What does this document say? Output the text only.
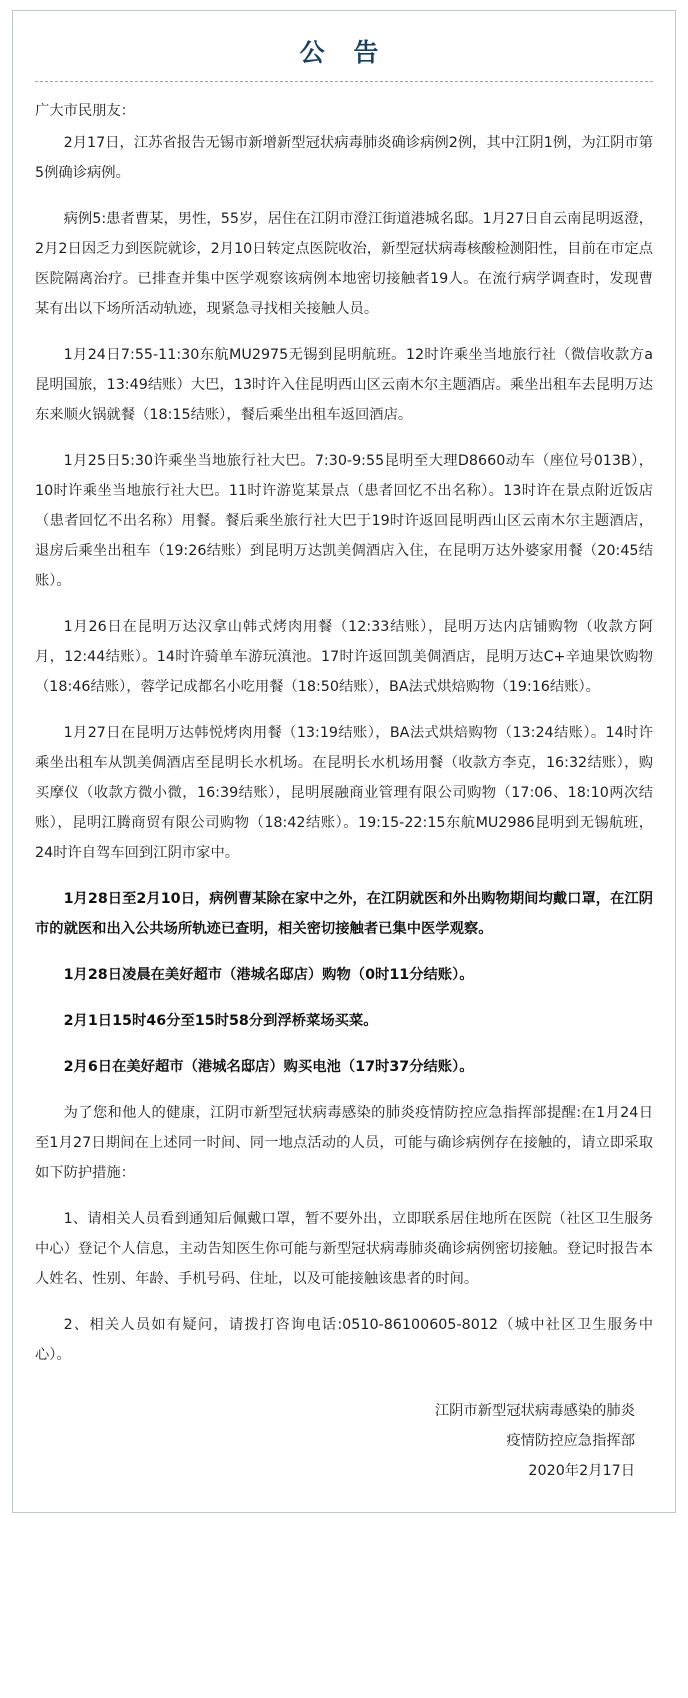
公 告

广大市民朋友：

2月17日，江苏省报告无锡市新增新型冠状病毒肺炎确诊病例2例，其中江阴1例，为江阴市第5例确诊病例。

病例5:患者曹某，男性，55岁，居住在江阴市澄江街道港城名邸。1月27日自云南昆明返澄，2月2日因乏力到医院就诊，2月10日转定点医院收治，新型冠状病毒核酸检测阳性，目前在市定点医院隔离治疗。已排查并集中医学观察该病例本地密切接触者19人。在流行病学调查时，发现曹某有出以下场所活动轨迹，现紧急寻找相关接触人员。

1月24日7:55-11:30东航MU2975无锡到昆明航班。12时许乘坐当地旅行社（微信收款方a昆明国旅，13:49结账）大巴，13时许入住昆明西山区云南木尔主题酒店。乘坐出租车去昆明万达东来顺火锅就餐（18:15结账），餐后乘坐出租车返回酒店。

1月25日5:30许乘坐当地旅行社大巴。7:30-9:55昆明至大理D8660动车（座位号013B），10时许乘坐当地旅行社大巴。11时许游览某景点（患者回忆不出名称）。13时许在景点附近饭店（患者回忆不出名称）用餐。餐后乘坐旅行社大巴于19时许返回昆明西山区云南木尔主题酒店，退房后乘坐出租车（19:26结账）到昆明万达凯美倜酒店入住，在昆明万达外婆家用餐（20:45结账）。

1月26日在昆明万达汉拿山韩式烤肉用餐（12:33结账），昆明万达内店铺购物（收款方阿月，12:44结账）。14时许骑单车游玩滇池。17时许返回凯美倜酒店，昆明万达C+辛迪果饮购物（18:46结账），蓉学记成都名小吃用餐（18:50结账），BA法式烘焙购物（19:16结账）。

1月27日在昆明万达韩悦烤肉用餐（13:19结账），BA法式烘焙购物（13:24结账）。14时许乘坐出租车从凯美倜酒店至昆明长水机场。在昆明长水机场用餐（收款方李克，16:32结账），购买摩仪（收款方微小微，16:39结账），昆明展融商业管理有限公司购物（17:06、18:10两次结账），昆明江腾商贸有限公司购物（18:42结账）。19:15-22:15东航MU2986昆明到无锡航班，24时许自驾车回到江阴市家中。

1月28日至2月10日，病例曹某除在家中之外，在江阴就医和外出购物期间均戴口罩，在江阴市的就医和出入公共场所轨迹已查明，相关密切接触者已集中医学观察。

1月28日凌晨在美好超市（港城名邸店）购物（0时11分结账）。

2月1日15时46分至15时58分到浮桥菜场买菜。

2月6日在美好超市（港城名邸店）购买电池（17时37分结账）。

为了您和他人的健康，江阴市新型冠状病毒感染的肺炎疫情防控应急指挥部提醒:在1月24日至1月27日期间在上述同一时间、同一地点活动的人员，可能与确诊病例存在接触的，请立即采取如下防护措施：

1、请相关人员看到通知后佩戴口罩，暂不要外出，立即联系居住地所在医院（社区卫生服务中心）登记个人信息，主动告知医生你可能与新型冠状病毒肺炎确诊病例密切接触。登记时报告本人姓名、性别、年龄、手机号码、住址，以及可能接触该患者的时间。

2、相关人员如有疑问，请拨打咨询电话:0510-86100605-8012（城中社区卫生服务中心）。

江阴市新型冠状病毒感染的肺炎
疫情防控应急指挥部
2020年2月17日
